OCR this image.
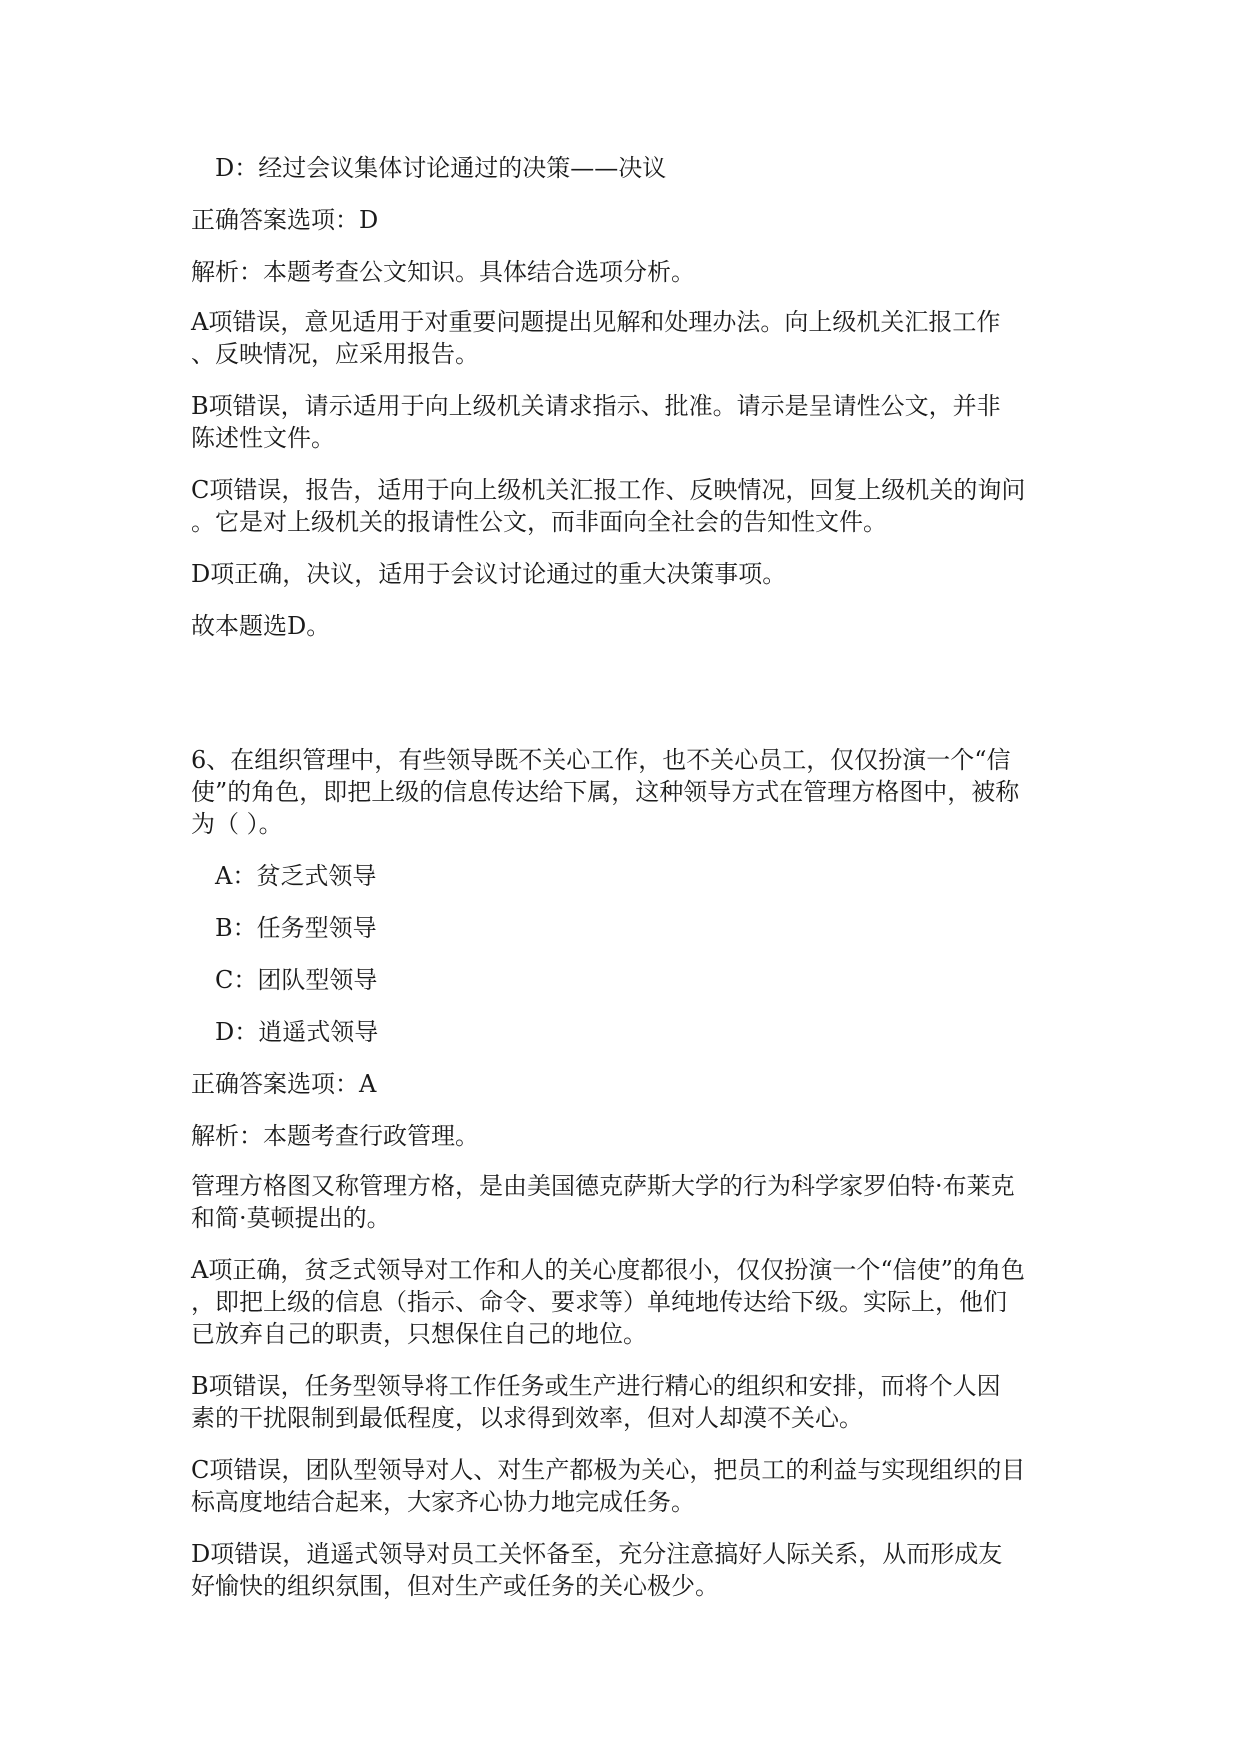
D：经过会议集体讨论通过的决策——决议

正确答案选项：D

解析：本题考查公文知识。具体结合选项分析。

A项错误，意见适用于对重要问题提出见解和处理办法。向上级机关汇报工作

、反映情况，应采用报告。

B项错误，请示适用于向上级机关请求指示、批准。请示是呈请性公文，并非

陈述性文件。

C项错误，报告，适用于向上级机关汇报工作、反映情况，回复上级机关的询问

。它是对上级机关的报请性公文，而非面向全社会的告知性文件。

D项正确，决议，适用于会议讨论通过的重大决策事项。

故本题选D。

6、在组织管理中，有些领导既不关心工作，也不关心员工，仅仅扮演一个“信

使”的角色，即把上级的信息传达给下属，这种领导方式在管理方格图中，被称

为（ ）。

A：贫乏式领导

B：任务型领导

C：团队型领导

D：逍遥式领导

正确答案选项：A

解析：本题考查行政管理。

管理方格图又称管理方格，是由美国德克萨斯大学的行为科学家罗伯特·布莱克

和简·莫顿提出的。

A项正确，贫乏式领导对工作和人的关心度都很小，仅仅扮演一个“信使”的角色

，即把上级的信息（指示、命令、要求等）单纯地传达给下级。实际上，他们

已放弃自己的职责，只想保住自己的地位。

B项错误，任务型领导将工作任务或生产进行精心的组织和安排，而将个人因

素的干扰限制到最低程度，以求得到效率，但对人却漠不关心。

C项错误，团队型领导对人、对生产都极为关心，把员工的利益与实现组织的目

标高度地结合起来，大家齐心协力地完成任务。

D项错误，逍遥式领导对员工关怀备至，充分注意搞好人际关系，从而形成友

好愉快的组织氛围，但对生产或任务的关心极少。
